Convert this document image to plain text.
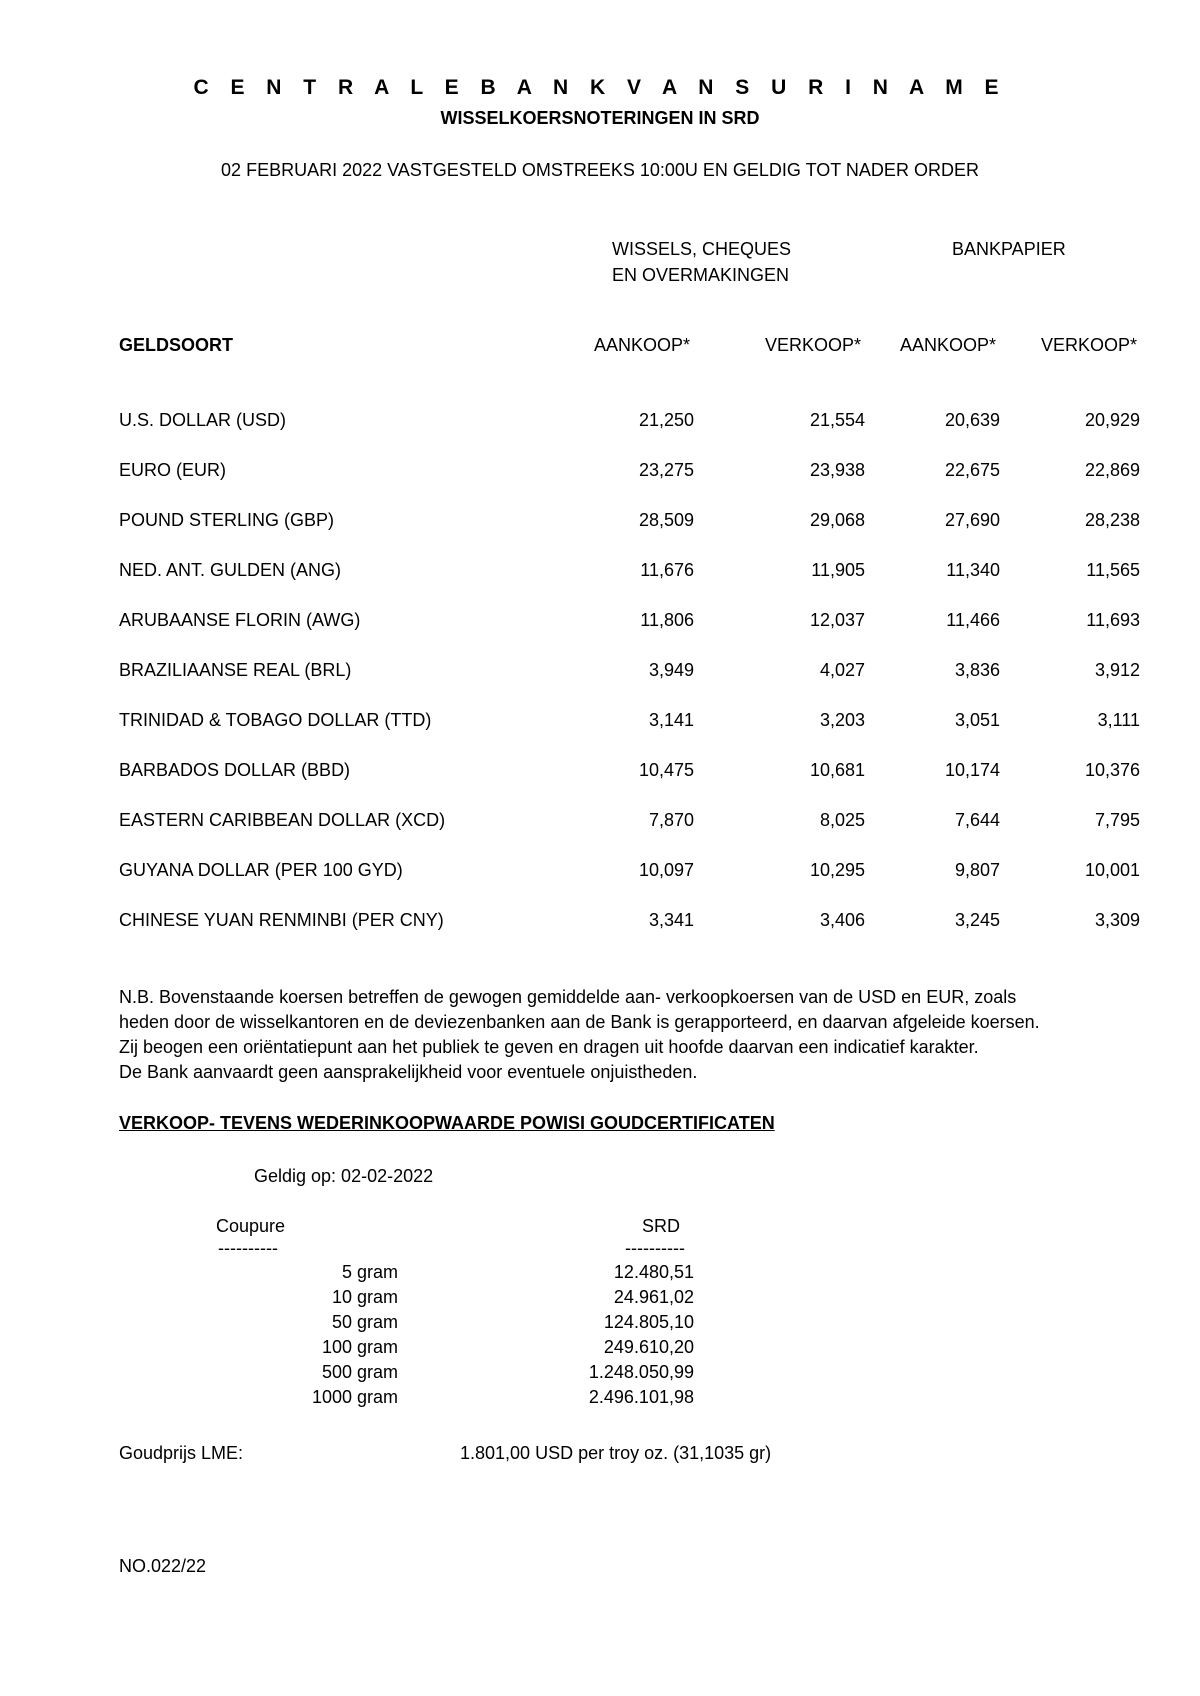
C E N T R A L E B A N K V A N S U R I N A M E
WISSELKOERSNOTERINGEN IN SRD
02 FEBRUARI 2022 VASTGESTELD OMSTREEKS 10:00U EN GELDIG TOT NADER ORDER
WISSELS, CHEQUES
EN OVERMAKINGEN
BANKPAPIER
GELDSOORT	AANKOOP*	VERKOOP* AANKOOP* VERKOOP*
U.S. DOLLAR (USD)	21,250	21,554	20,639	20,929
EURO (EUR)	23,275	23,938	22,675	22,869
POUND STERLING (GBP)	28,509	29,068	27,690	28,238
NED. ANT. GULDEN (ANG)	11,676	11,905	11,340	11,565
ARUBAANSE FLORIN (AWG)	11,806	12,037	11,466	11,693
BRAZILIAANSE REAL (BRL)	3,949	4,027	3,836	3,912
TRINIDAD & TOBAGO DOLLAR (TTD)	3,141	3,203	3,051	3,111
BARBADOS DOLLAR (BBD)	10,475	10,681	10,174	10,376
EASTERN CARIBBEAN DOLLAR (XCD)	7,870	8,025	7,644	7,795
GUYANA DOLLAR (PER 100 GYD)	10,097	10,295	9,807	10,001
CHINESE YUAN RENMINBI (PER CNY)	3,341	3,406	3,245	3,309
N.B. Bovenstaande koersen betreffen de gewogen gemiddelde aan- verkoopkoersen van de USD en EUR, zoals
heden door de wisselkantoren en de deviezenbanken aan de Bank is gerapporteerd, en daarvan afgeleide koersen.
Zij beogen een oriëntatiepunt aan het publiek te geven en dragen uit hoofde daarvan een indicatief karakter.
De Bank aanvaardt geen aansprakelijkheid voor eventuele onjuistheden.
VERKOOP- TEVENS WEDERINKOOPWAARDE POWISI GOUDCERTIFICATEN
Geldig op: 02-02-2022
Coupure	SRD
----------	----------
5 gram	12.480,51
10 gram	24.961,02
50 gram	124.805,10
100 gram	249.610,20
500 gram	1.248.050,99
1000 gram	2.496.101,98
Goudprijs LME:	1.801,00 USD per troy oz. (31,1035 gr)
NO.022/22
